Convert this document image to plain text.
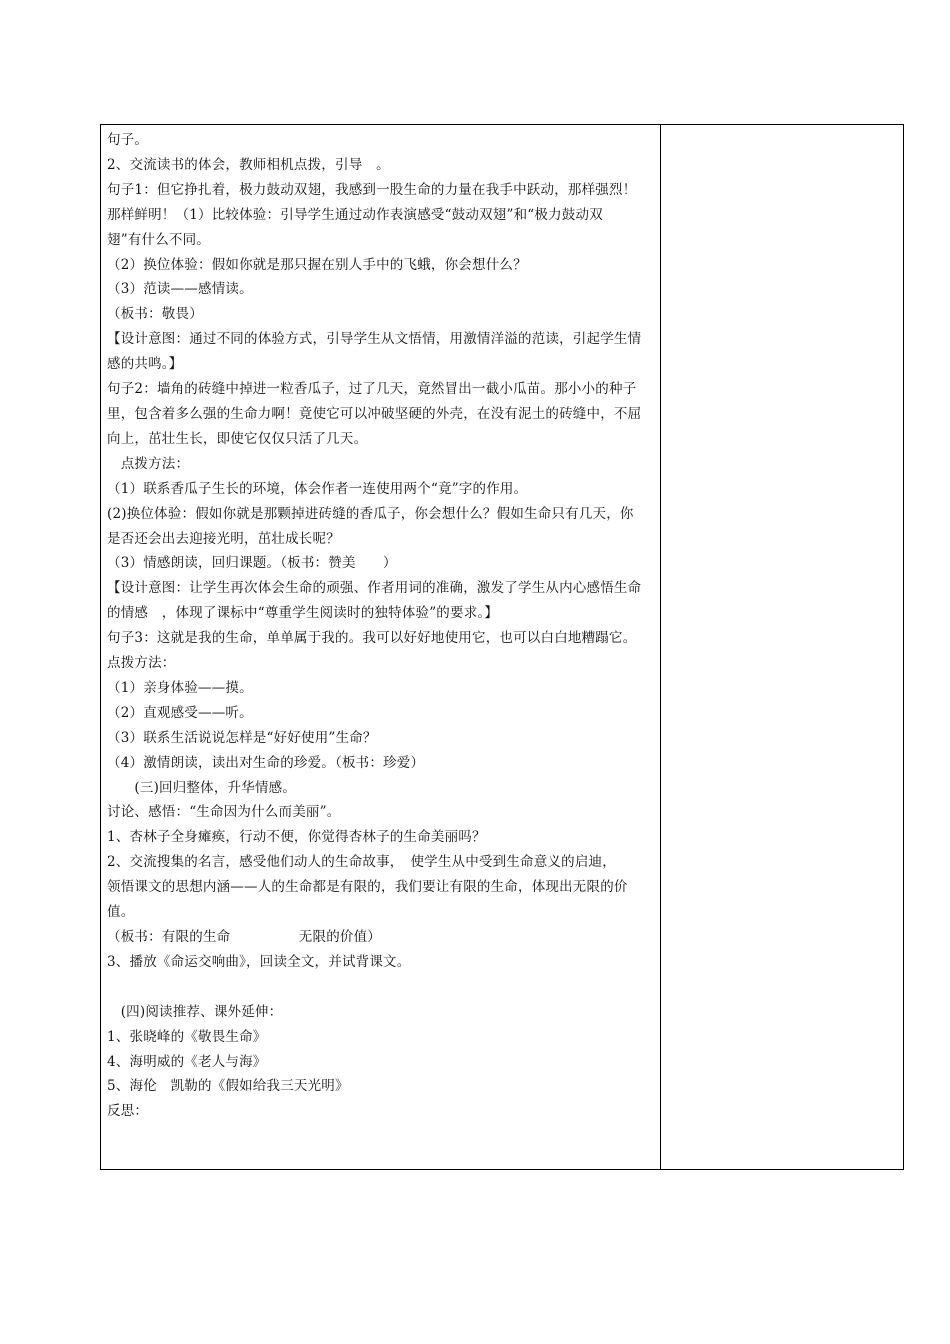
句子。
2、交流读书的体会，教师相机点拨，引导　。
句子1：但它挣扎着，极力鼓动双翅，我感到一股生命的力量在我手中跃动，那样强烈！
那样鲜明！（1）比较体验：引导学生通过动作表演感受“鼓动双翅”和“极力鼓动双
翅”有什么不同。
（2）换位体验：假如你就是那只握在别人手中的飞蛾，你会想什么？
（3）范读——感情读。
（板书：敬畏）
【设计意图：通过不同的体验方式，引导学生从文悟情，用激情洋溢的范读，引起学生情
感的共鸣。】
句子2：墙角的砖缝中掉进一粒香瓜子，过了几天，竟然冒出一截小瓜苗。那小小的种子
里，包含着多么强的生命力啊！竟使它可以冲破坚硬的外壳，在没有泥土的砖缝中，不屈
向上，茁壮生长，即使它仅仅只活了几天。
　点拨方法：
（1）联系香瓜子生长的环境，体会作者一连使用两个“竟”字的作用。
(2)换位体验：假如你就是那颗掉进砖缝的香瓜子，你会想什么？假如生命只有几天，你
是否还会出去迎接光明，茁壮成长呢？
（3）情感朗读，回归课题。（板书：赞美　　）
【设计意图：让学生再次体会生命的顽强、作者用词的准确，激发了学生从内心感悟生命
的情感　，体现了课标中“尊重学生阅读时的独特体验”的要求。】
句子3：这就是我的生命，单单属于我的。我可以好好地使用它，也可以白白地糟蹋它。
点拨方法：
（1）亲身体验——摸。
（2）直观感受——听。
（3）联系生活说说怎样是“好好使用”生命？
（4）激情朗读，读出对生命的珍爱。（板书：珍爱）
　　(三)回归整体，升华情感。
讨论、感悟：“生命因为什么而美丽”。
1、杏林子全身瘫痪，行动不便，你觉得杏林子的生命美丽吗？
2、交流搜集的名言，感受他们动人的生命故事，　使学生从中受到生命意义的启迪，
领悟课文的思想内涵——人的生命都是有限的，我们要让有限的生命，体现出无限的价
值。
（板书：有限的生命　　　　　无限的价值）
3、播放《命运交响曲》，回读全文，并试背课文。

　(四)阅读推荐、课外延伸：
1、张晓峰的《敬畏生命》
4、海明威的《老人与海》
5、海伦　凯勒的《假如给我三天光明》
反思：
